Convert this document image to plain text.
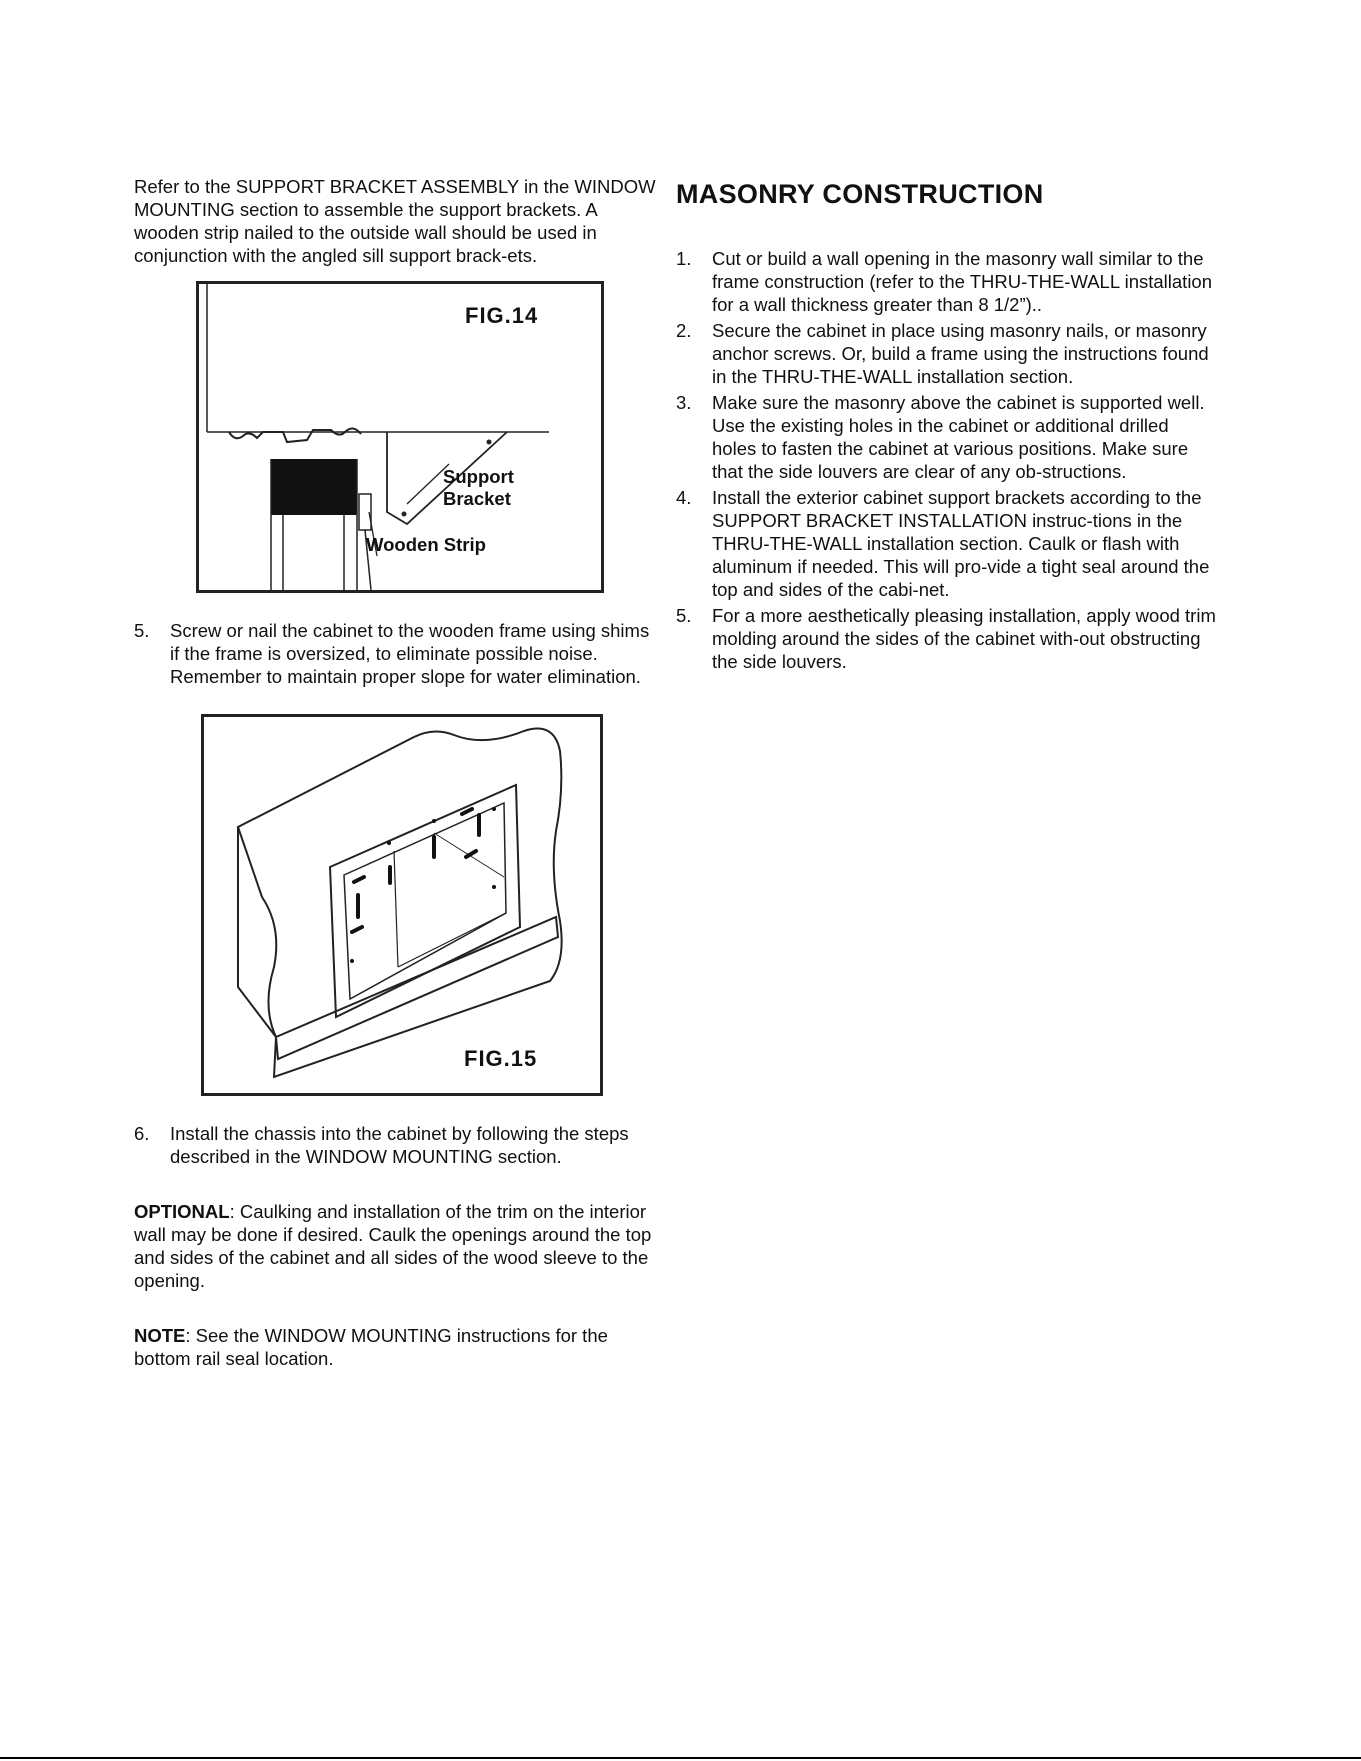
Refer to the SUPPORT BRACKET ASSEMBLY in the WINDOW MOUNTING section to assemble the support brackets. A wooden strip nailed to the outside wall should be used in conjunction with the angled sill support brack-ets.

FIG.14
Support
Bracket
Wooden Strip
5.	Screw or nail the cabinet to the wooden frame using shims if the frame is oversized, to eliminate possible noise. Remember to maintain proper slope for water elimination.
FIG.15
6.	Install the chassis into the cabinet by following the steps described in the WINDOW MOUNTING section.

OPTIONAL: Caulking and installation of the trim on the interior wall may be done if desired. Caulk the openings around the top and sides of the cabinet and all sides of the wood sleeve to the opening.

NOTE: See the WINDOW MOUNTING instructions for the bottom rail seal location.

MASONRY CONSTRUCTION
1.	Cut or build a wall opening in the masonry wall similar to the frame construction (refer to the THRU-THE-WALL installation for a wall thickness greater than 8 1/2”)..
2.	Secure the cabinet in place using masonry nails, or masonry anchor screws. Or, build a frame using the instructions found in the THRU-THE-WALL installation section.
3.	Make sure the masonry above the cabinet is supported well. Use the existing holes in the cabinet or additional drilled holes to fasten the cabinet at various positions. Make sure that the side louvers are clear of any ob-structions.
4.	Install the exterior cabinet support brackets according to the SUPPORT BRACKET INSTALLATION instruc-tions in the THRU-THE-WALL installation section. Caulk or flash with aluminum if needed. This will pro-vide a tight seal around the top and sides of the cabi-net.
5.	For a more aesthetically pleasing installation, apply wood trim molding around the sides of the cabinet with-out obstructing the side louvers.
